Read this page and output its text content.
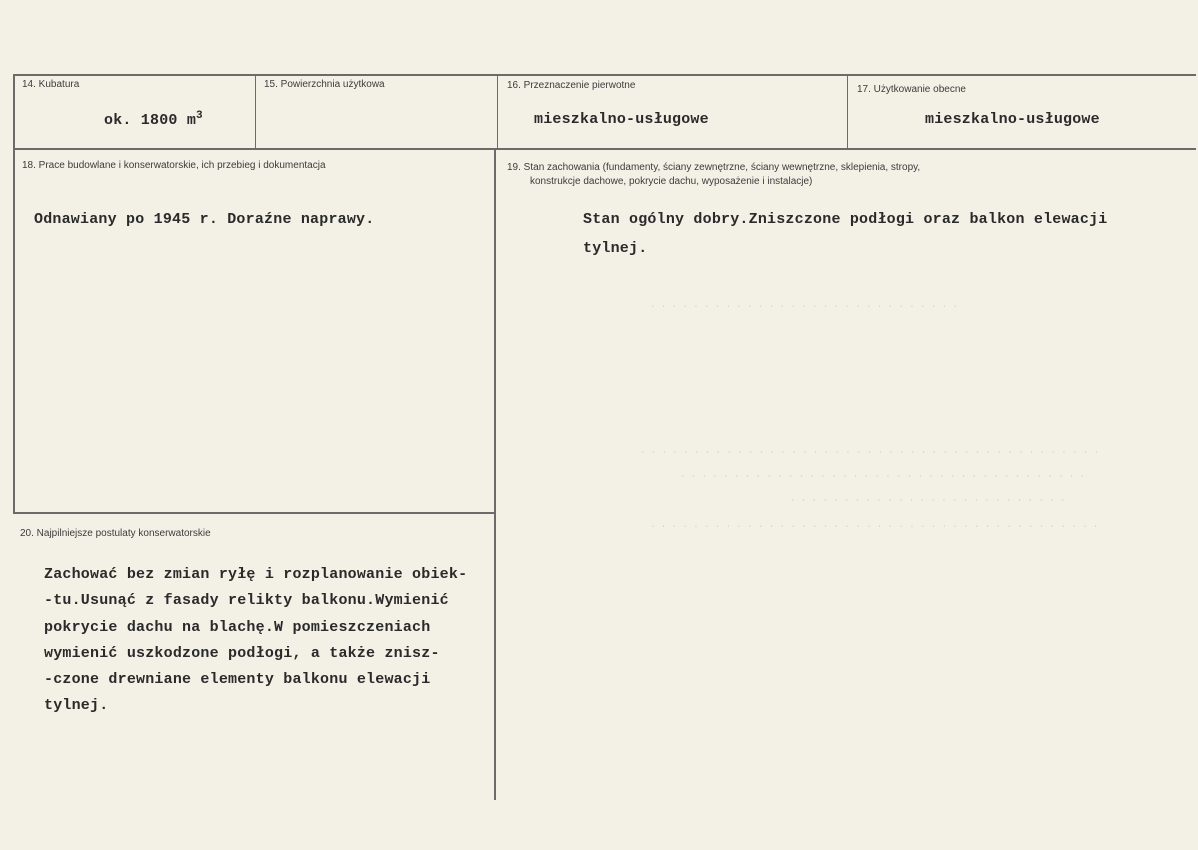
. . . . . . . . . . . . . . . . . . . . . . . . . . . . .
. . . . . . . . . . . . . . . . . . . . . . . . . . . . . . . . . . . . . . . . . . .
. . . . . . . . . . . . . . . . . . . . . . . . . . . . . . . . . . . . . .
. . . . . . . . . . . . . . . . . . . . . . . . . .
. . . . . . . . . . . . . . . . . . . . . . . . . . . . . . . . . . . . . . . . . .
14. Kubatura
ok. 1800 $m^3$
15. Powierzchnia użytkowa	16. Przeznaczenie pierwotne
mieszkalno-usługowe
17. Użytkowanie obecne
mieszkalno-usługowe
18. Prace budowlane i konserwatorskie, ich przebieg i dokumentacja
Odnawiany po 1945 r. Doraźne naprawy.
19. Stan zachowania (fundamenty, ściany zewnętrzne, ściany wewnętrzne, sklepienia, stropy,
konstrukcje dachowe, pokrycie dachu, wyposażenie i instalacje)
Stan ogólny dobry.Zniszczone podłogi oraz balkon elewacji
tylnej.
20. Najpilniejsze postulaty konserwatorskie
Zachować bez zmian ryłę i rozplanowanie obiek-
-tu.Usunąć z fasady relikty balkonu.Wymienić
pokrycie dachu na blachę.W pomieszczeniach
wymienić uszkodzone podłogi, a także znisz-
-czone drewniane elementy balkonu elewacji
tylnej.
